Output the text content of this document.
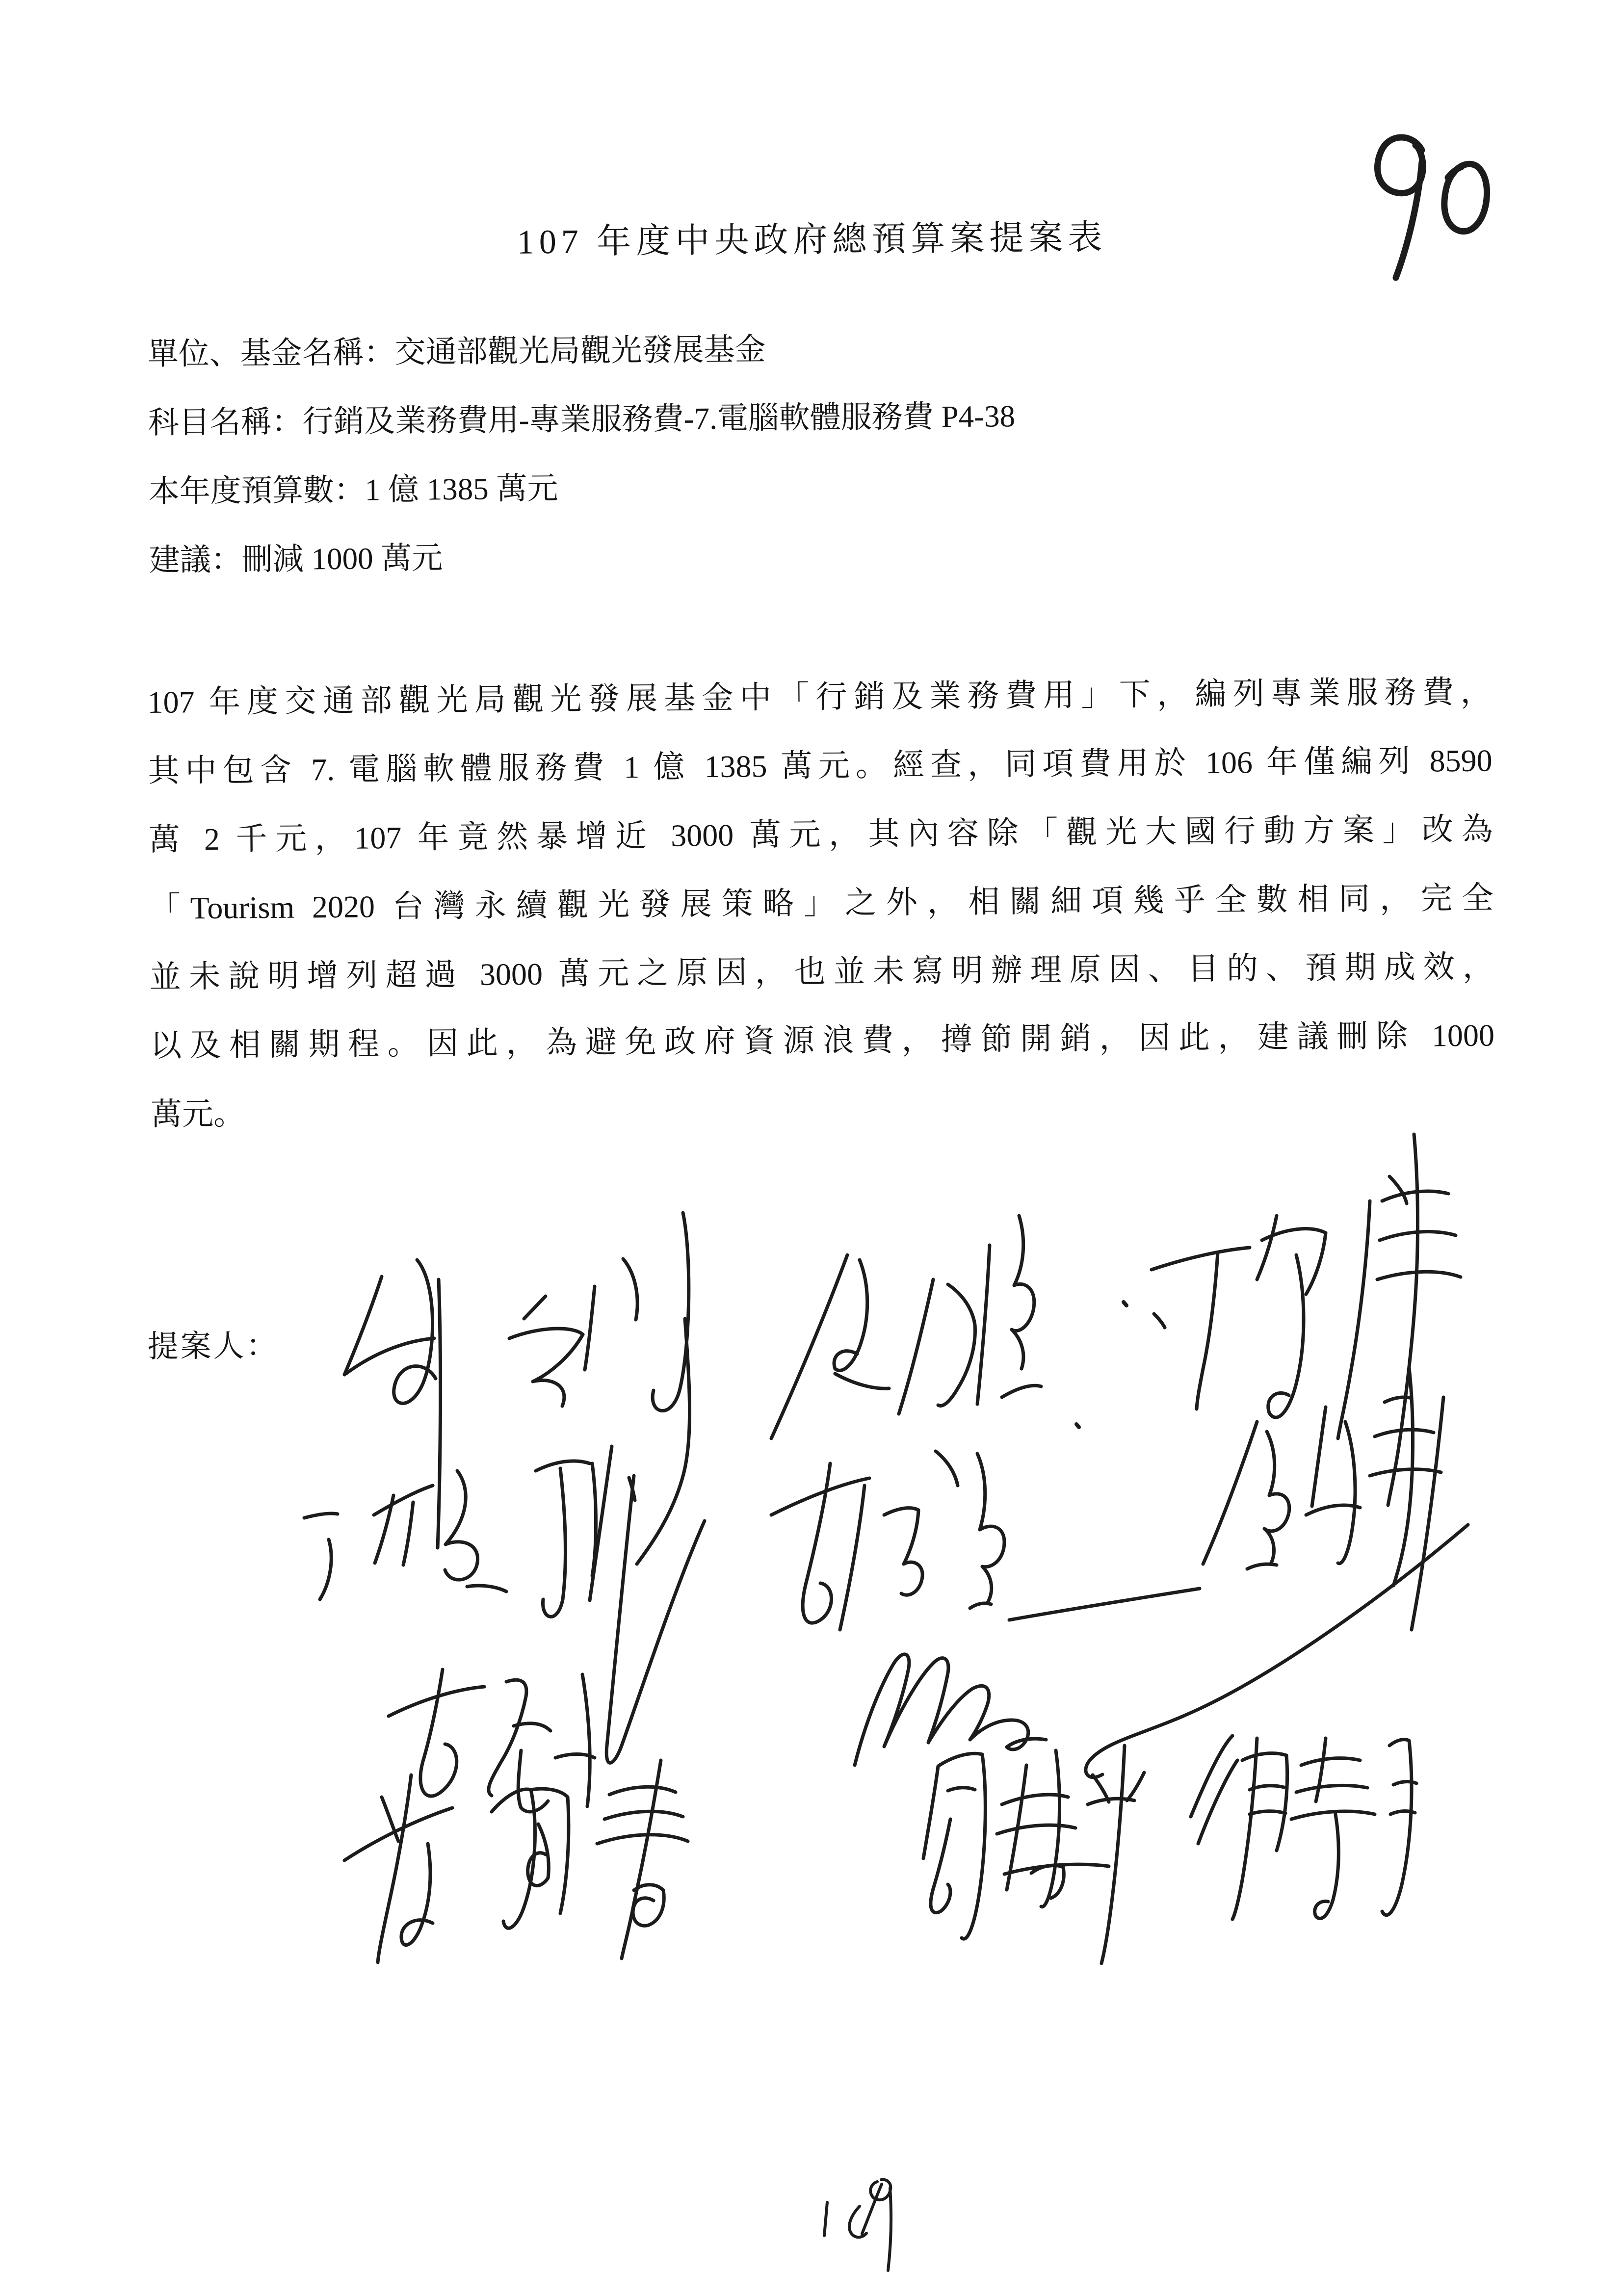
107 年度中央政府總預算案提案表
單位、基金名稱：交通部觀光局觀光發展基金
科目名稱：行銷及業務費用-專業服務費-7.電腦軟體服務費 P4-38
本年度預算數：1 億 1385 萬元
建議：刪減 1000 萬元
107 年度交通部觀光局觀光發展基金中「行銷及業務費用」下，編列專業服務費，
其中包含 7. 電腦軟體服務費 1 億 1385 萬元。經查，同項費用於 106 年僅編列 8590
萬 2 千元，107 年竟然暴增近 3000 萬元，其內容除「觀光大國行動方案」改為
「Tourism 2020 台灣永續觀光發展策略」之外，相關細項幾乎全數相同，完全
並未說明增列超過 3000 萬元之原因，也並未寫明辦理原因、目的、預期成效，
以及相關期程。因此，為避免政府資源浪費，撙節開銷，因此，建議刪除 1000
萬元。
提案人：
